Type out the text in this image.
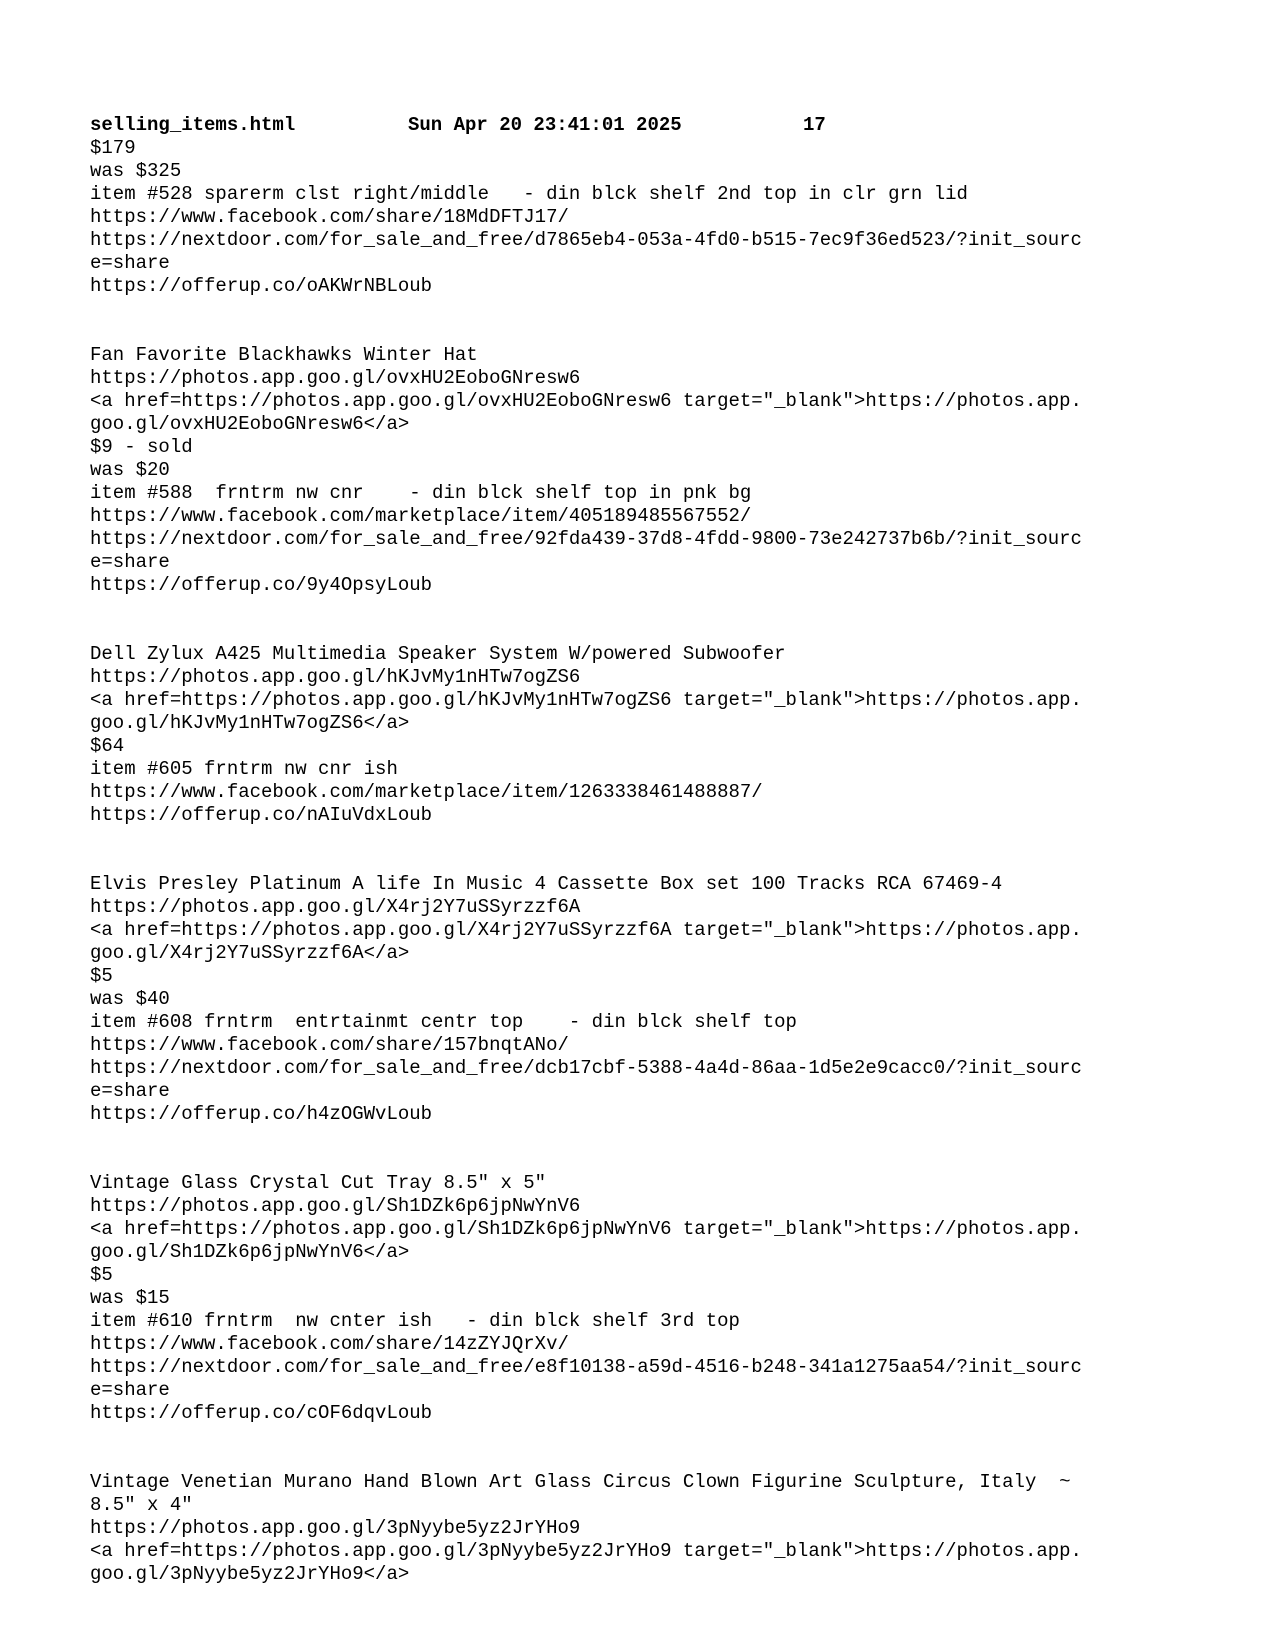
selling_items.html	Sun Apr 20 23:41:01 2025	17
$179
was $325
item #528 sparerm clst right/middle   - din blck shelf 2nd top in clr grn lid
https://www.facebook.com/share/18MdDFTJ17/
https://nextdoor.com/for_sale_and_free/d7865eb4-053a-4fd0-b515-7ec9f36ed523/?init_sourc
e=share
https://offerup.co/oAKWrNBLoub
Fan Favorite Blackhawks Winter Hat
https://photos.app.goo.gl/ovxHU2EoboGNresw6
<a href=https://photos.app.goo.gl/ovxHU2EoboGNresw6 target="_blank">https://photos.app.
goo.gl/ovxHU2EoboGNresw6</a>
$9 - sold
was $20
item #588  frntrm nw cnr    - din blck shelf top in pnk bg
https://www.facebook.com/marketplace/item/405189485567552/
https://nextdoor.com/for_sale_and_free/92fda439-37d8-4fdd-9800-73e242737b6b/?init_sourc
e=share
https://offerup.co/9y4OpsyLoub
Dell Zylux A425 Multimedia Speaker System W/powered Subwoofer
https://photos.app.goo.gl/hKJvMy1nHTw7ogZS6
<a href=https://photos.app.goo.gl/hKJvMy1nHTw7ogZS6 target="_blank">https://photos.app.
goo.gl/hKJvMy1nHTw7ogZS6</a>
$64
item #605 frntrm nw cnr ish
https://www.facebook.com/marketplace/item/1263338461488887/
https://offerup.co/nAIuVdxLoub
Elvis Presley Platinum A life In Music 4 Cassette Box set 100 Tracks RCA 67469-4
https://photos.app.goo.gl/X4rj2Y7uSSyrzzf6A
<a href=https://photos.app.goo.gl/X4rj2Y7uSSyrzzf6A target="_blank">https://photos.app.
goo.gl/X4rj2Y7uSSyrzzf6A</a>
$5
was $40
item #608 frntrm  entrtainmt centr top    - din blck shelf top
https://www.facebook.com/share/157bnqtANo/
https://nextdoor.com/for_sale_and_free/dcb17cbf-5388-4a4d-86aa-1d5e2e9cacc0/?init_sourc
e=share
https://offerup.co/h4zOGWvLoub
Vintage Glass Crystal Cut Tray 8.5" x 5"
https://photos.app.goo.gl/Sh1DZk6p6jpNwYnV6
<a href=https://photos.app.goo.gl/Sh1DZk6p6jpNwYnV6 target="_blank">https://photos.app.
goo.gl/Sh1DZk6p6jpNwYnV6</a>
$5
was $15
item #610 frntrm  nw cnter ish   - din blck shelf 3rd top
https://www.facebook.com/share/14zZYJQrXv/
https://nextdoor.com/for_sale_and_free/e8f10138-a59d-4516-b248-341a1275aa54/?init_sourc
e=share
https://offerup.co/cOF6dqvLoub
Vintage Venetian Murano Hand Blown Art Glass Circus Clown Figurine Sculpture, Italy  ~
8.5" x 4"
https://photos.app.goo.gl/3pNyybe5yz2JrYHo9
<a href=https://photos.app.goo.gl/3pNyybe5yz2JrYHo9 target="_blank">https://photos.app.
goo.gl/3pNyybe5yz2JrYHo9</a>
